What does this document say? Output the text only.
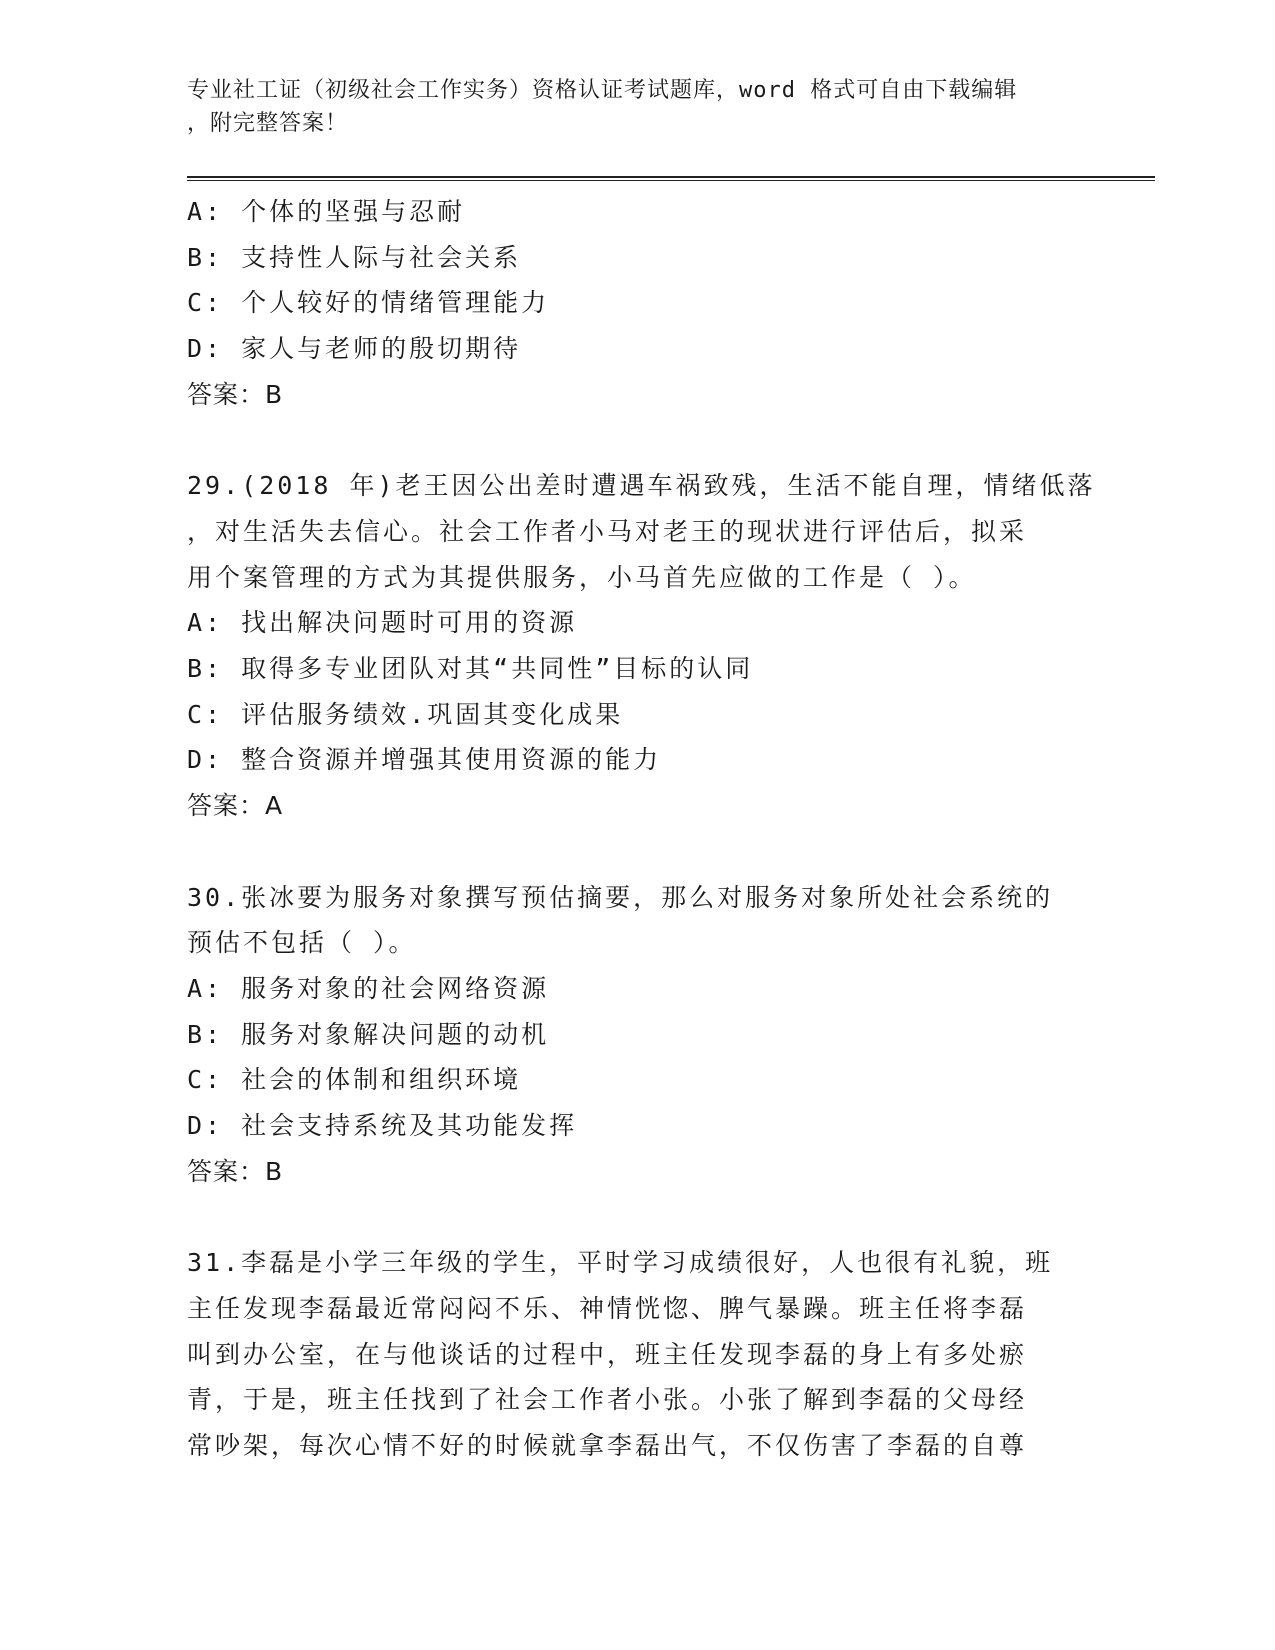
专业社工证（初级社会工作实务）资格认证考试题库，word 格式可自由下载编辑
，附完整答案！
A: 个体的坚强与忍耐
B: 支持性人际与社会关系
C: 个人较好的情绪管理能力
D: 家人与老师的殷切期待
答案：B
29.(2018 年)老王因公出差时遭遇车祸致残，生活不能自理，情绪低落
，对生活失去信心。社会工作者小马对老王的现状进行评估后，拟采
用个案管理的方式为其提供服务，小马首先应做的工作是（ ）。
A: 找出解决问题时可用的资源
B: 取得多专业团队对其“共同性”目标的认同
C: 评估服务绩效.巩固其变化成果
D: 整合资源并增强其使用资源的能力
答案：A
30.张冰要为服务对象撰写预估摘要，那么对服务对象所处社会系统的
预估不包括（ ）。
A: 服务对象的社会网络资源
B: 服务对象解决问题的动机
C: 社会的体制和组织环境
D: 社会支持系统及其功能发挥
答案：B
31.李磊是小学三年级的学生，平时学习成绩很好，人也很有礼貌，班
主任发现李磊最近常闷闷不乐、神情恍惚、脾气暴躁。班主任将李磊
叫到办公室，在与他谈话的过程中，班主任发现李磊的身上有多处瘀
青，于是，班主任找到了社会工作者小张。小张了解到李磊的父母经
常吵架，每次心情不好的时候就拿李磊出气，不仅伤害了李磊的自尊
